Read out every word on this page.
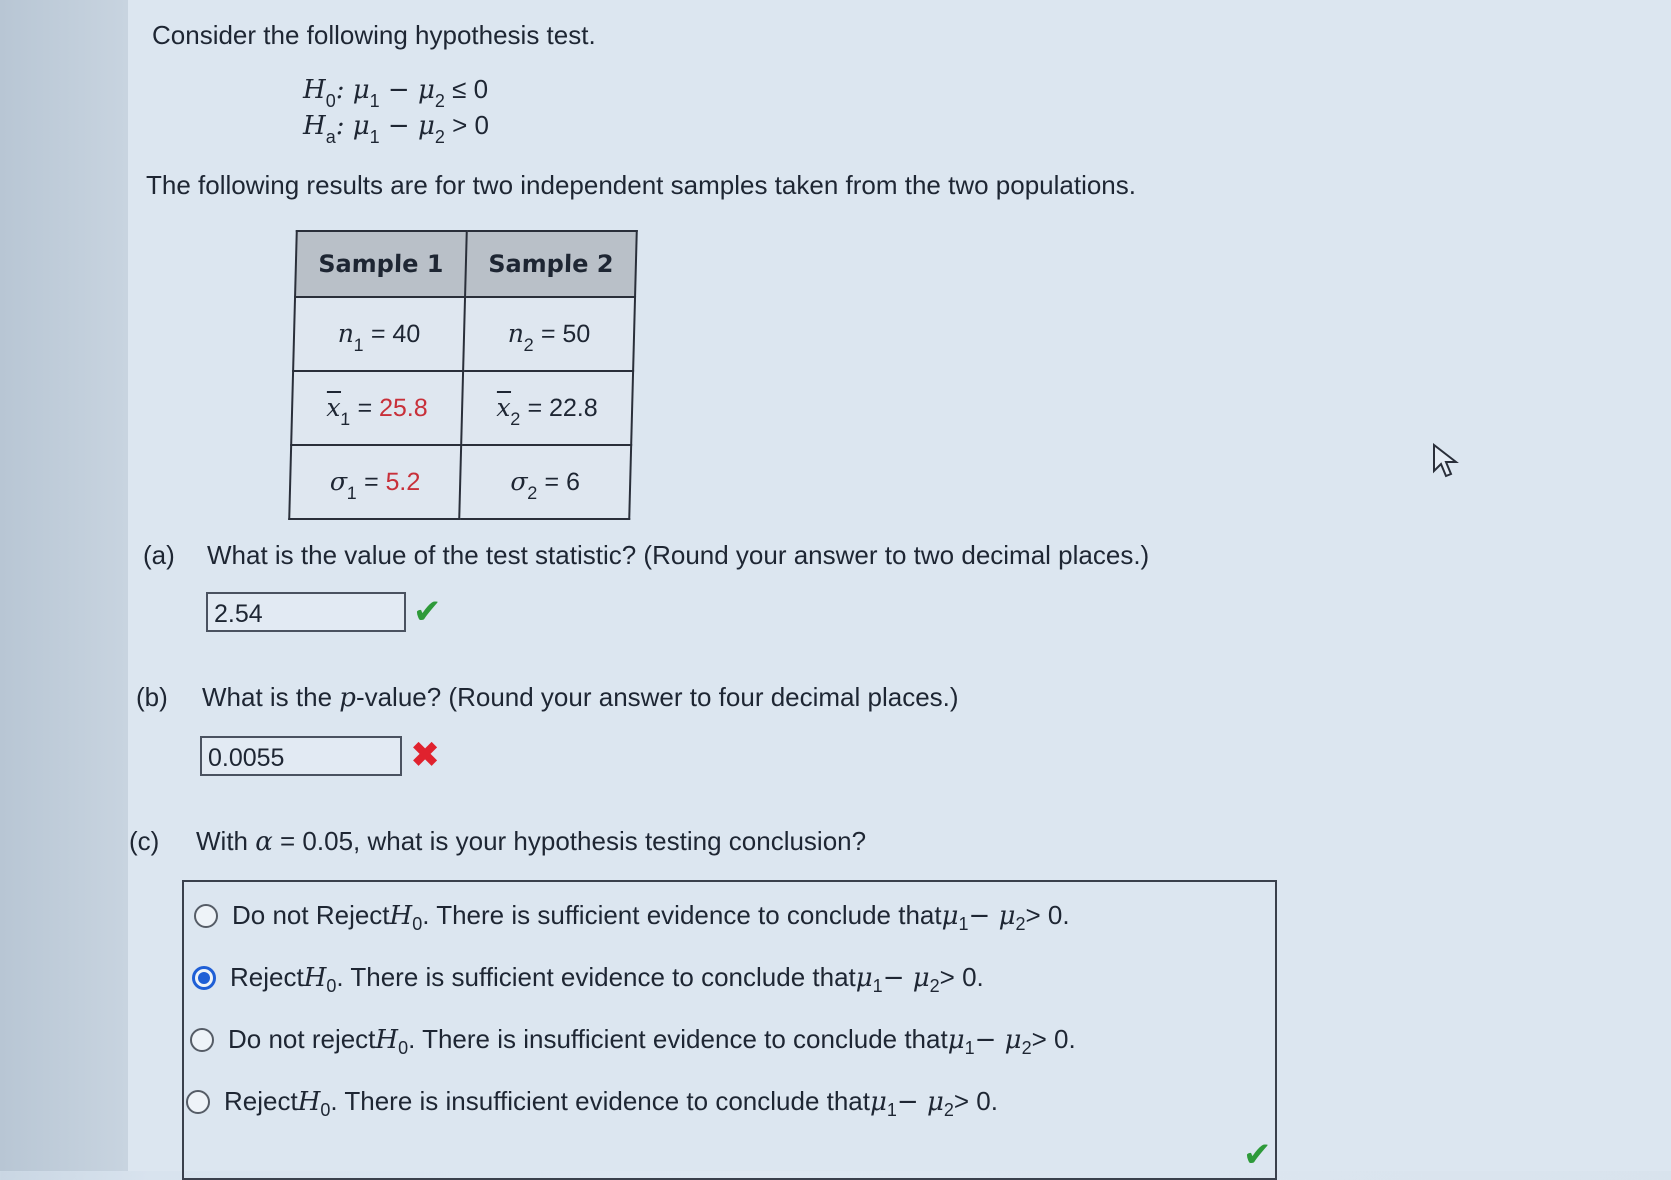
Consider the following hypothesis test.
$H_0$: $\mu_1 - \mu_2 \le 0$
$H_a$: $\mu_1 - \mu_2 > 0$
The following results are for two independent samples taken from the two populations.
Sample 1	Sample 2
$n_1 = 40$	$n_2 = 50$
$\overline{x}_1 = 25.8$	$\overline{x}_2 = 22.8$
$\sigma_1 = 5.2$	$\sigma_2 = 6$
(a) What is the value of the test statistic? (Round your answer to two decimal places.)
2.54	✔
(b) What is the p-value? (Round your answer to four decimal places.)
0.0055	✖
(c) With α = 0.05, what is your hypothesis testing conclusion?
Do not Reject H 0 . There is sufficient evidence to conclude that μ 1 − μ 2 > 0.
Reject H 0 . There is sufficient evidence to conclude that μ 1 − μ 2 > 0.
Do not reject H 0 . There is insufficient evidence to conclude that μ 1 − μ 2 > 0.
Reject H 0 . There is insufficient evidence to conclude that μ 1 − μ 2 > 0.
✔
